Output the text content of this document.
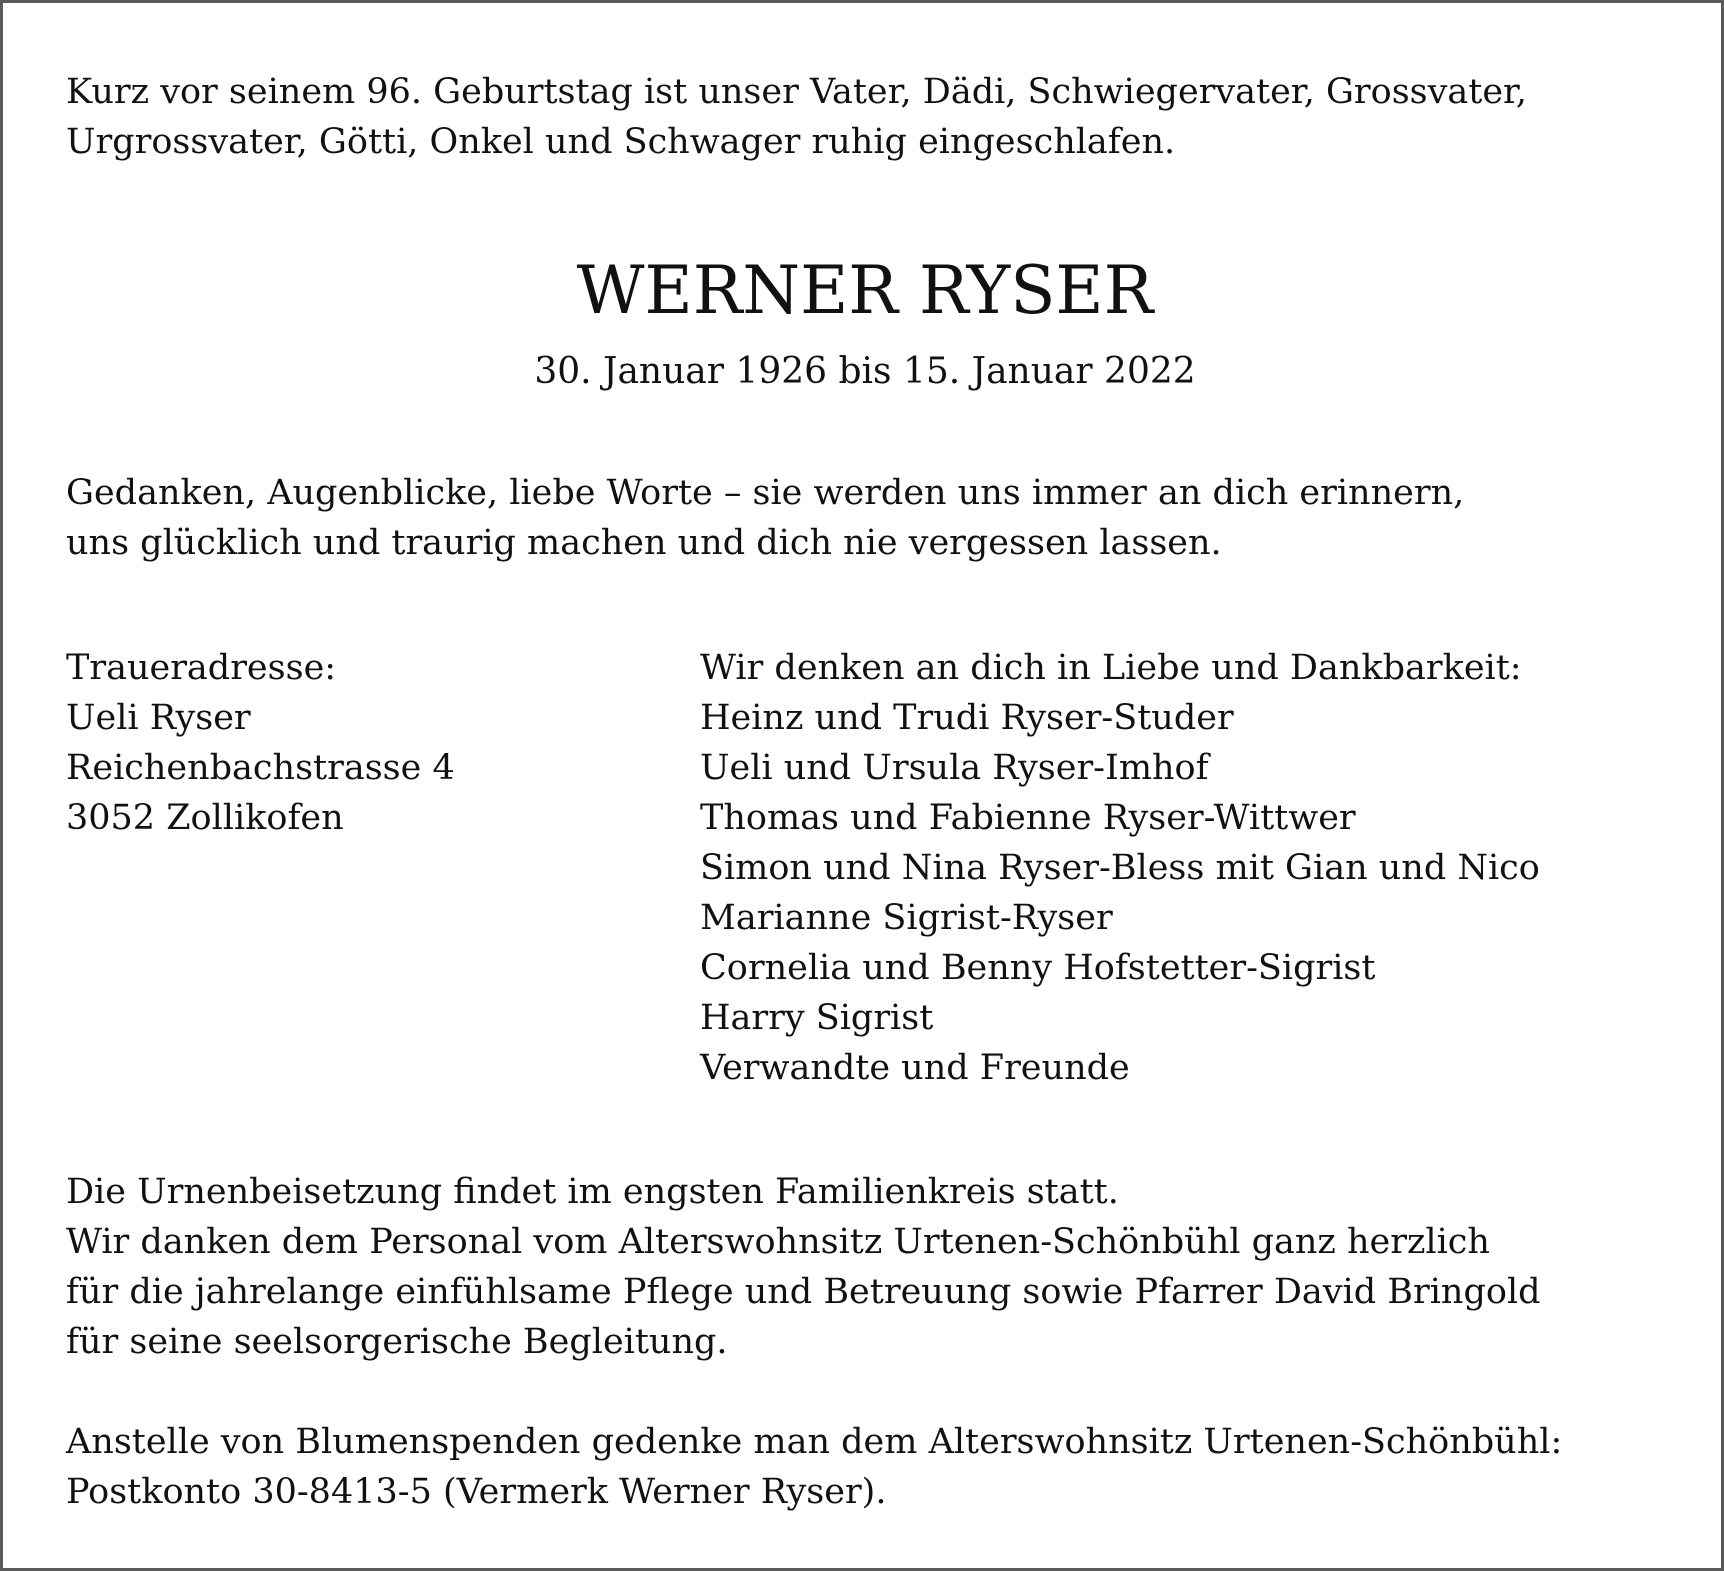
Kurz vor seinem 96. Geburtstag ist unser Vater, Dädi, Schwiegervater, Grossvater,
Urgrossvater, Götti, Onkel und Schwager ruhig eingeschlafen.
WERNER RYSER
30. Januar 1926 bis 15. Januar 2022
Gedanken, Augenblicke, liebe Worte – sie werden uns immer an dich erinnern,
uns glücklich und traurig machen und dich nie vergessen lassen.
Traueradresse:
Ueli Ryser
Reichenbachstrasse 4
3052 Zollikofen
Wir denken an dich in Liebe und Dankbarkeit:
Heinz und Trudi Ryser-Studer
Ueli und Ursula Ryser-Imhof
Thomas und Fabienne Ryser-Wittwer
Simon und Nina Ryser-Bless mit Gian und Nico
Marianne Sigrist-Ryser
Cornelia und Benny Hofstetter-Sigrist
Harry Sigrist
Verwandte und Freunde
Die Urnenbeisetzung findet im engsten Familienkreis statt.
Wir danken dem Personal vom Alterswohnsitz Urtenen-Schönbühl ganz herzlich
für die jahrelange einfühlsame Pflege und Betreuung sowie Pfarrer David Bringold
für seine seelsorgerische Begleitung.
Anstelle von Blumenspenden gedenke man dem Alterswohnsitz Urtenen-Schönbühl:
Postkonto 30-8413-5 (Vermerk Werner Ryser).
